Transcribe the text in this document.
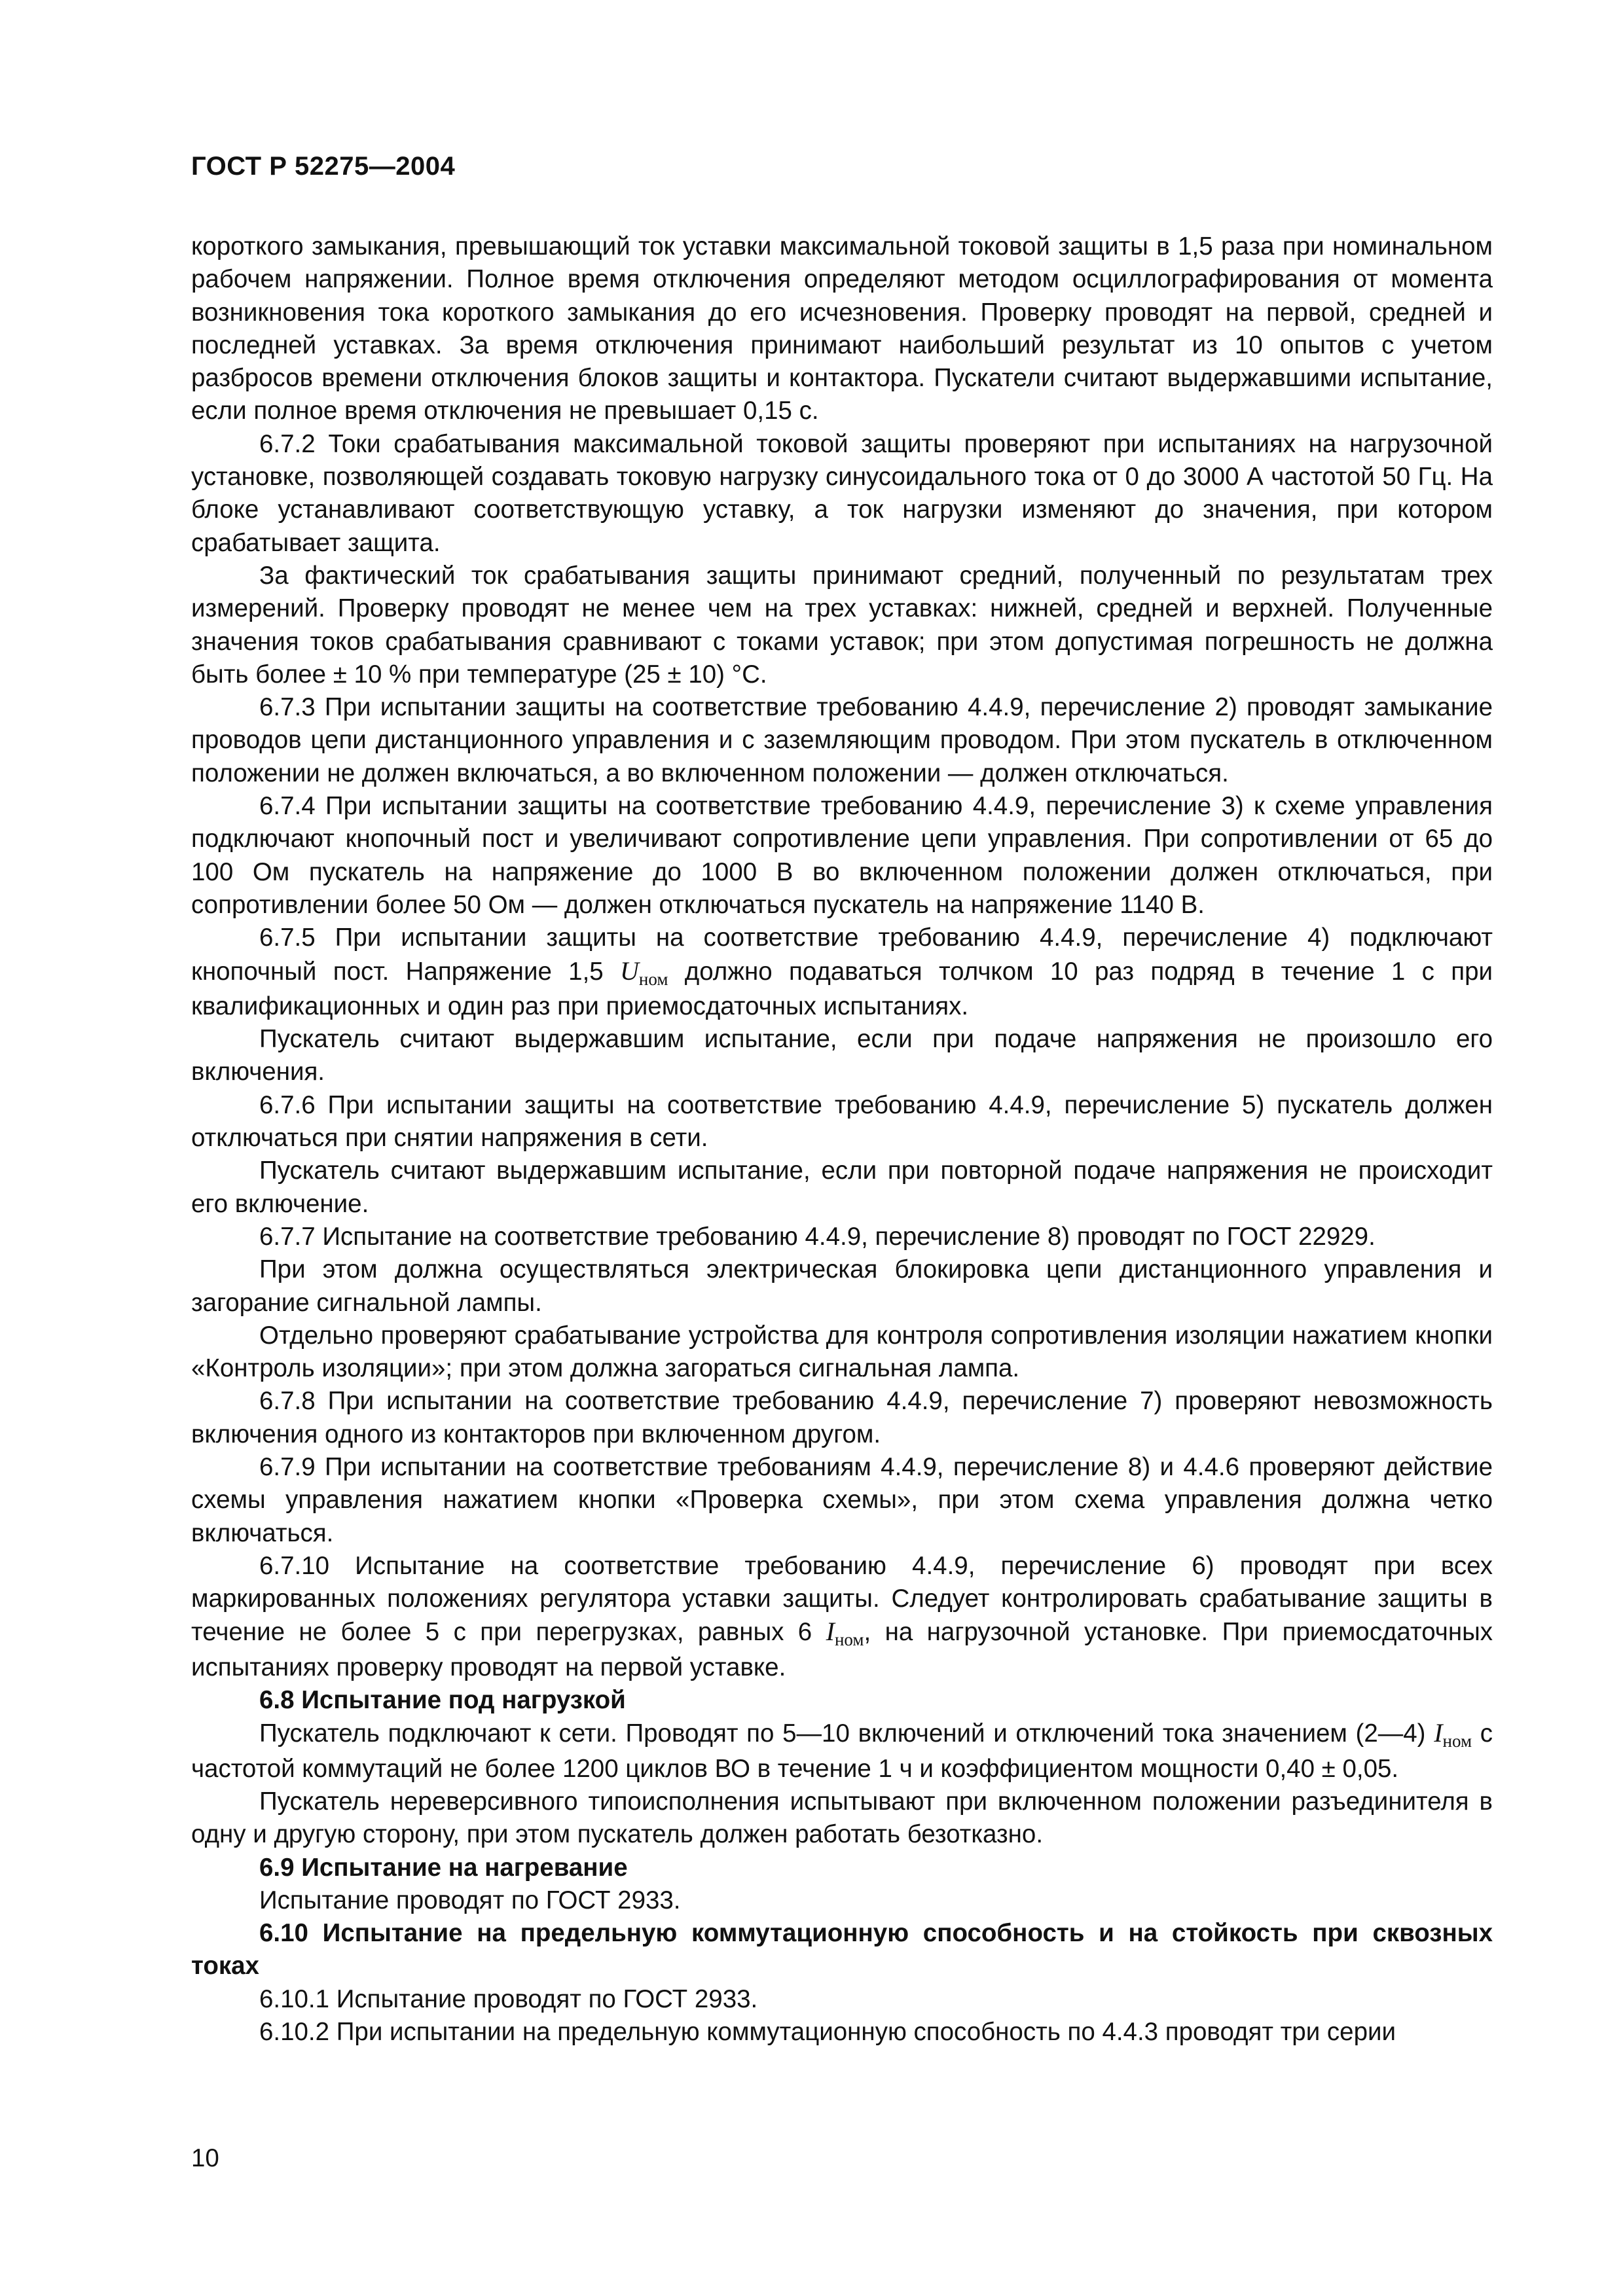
ГОСТ Р 52275—2004

короткого замыкания, превышающий ток уставки максимальной токовой защиты в 1,5 раза при номинальном рабочем напряжении. Полное время отключения определяют методом осциллографирования от момента возникновения тока короткого замыкания до его исчезновения. Проверку проводят на первой, средней и последней уставках. За время отключения принимают наибольший результат из 10 опытов с учетом разбросов времени отключения блоков защиты и контактора. Пускатели считают выдержавшими испытание, если полное время отключения не превышает 0,15 с.

6.7.2 Токи срабатывания максимальной токовой защиты проверяют при испытаниях на нагрузочной установке, позволяющей создавать токовую нагрузку синусоидального тока от 0 до 3000 А частотой 50 Гц. На блоке устанавливают соответствующую уставку, а ток нагрузки изменяют до значения, при котором срабатывает защита.

За фактический ток срабатывания защиты принимают средний, полученный по результатам трех измерений. Проверку проводят не менее чем на трех уставках: нижней, средней и верхней. Полученные значения токов срабатывания сравнивают с токами уставок; при этом допустимая погрешность не должна быть более ± 10 % при температуре (25 ± 10) °С.

6.7.3 При испытании защиты на соответствие требованию 4.4.9, перечисление 2) проводят замыкание проводов цепи дистанционного управления и с заземляющим проводом. При этом пускатель в отключенном положении не должен включаться, а во включенном положении — должен отключаться.

6.7.4 При испытании защиты на соответствие требованию 4.4.9, перечисление 3) к схеме управления подключают кнопочный пост и увеличивают сопротивление цепи управления. При сопротивлении от 65 до 100 Ом пускатель на напряжение до 1000 В во включенном положении должен отключаться, при сопротивлении более 50 Ом — должен отключаться пускатель на напряжение 1140 В.

6.7.5 При испытании защиты на соответствие требованию 4.4.9, перечисление 4) подключают кнопочный пост. Напряжение 1,5 $U_{ном}$ должно подаваться толчком 10 раз подряд в течение 1 с при квалификационных и один раз при приемосдаточных испытаниях.

Пускатель считают выдержавшим испытание, если при подаче напряжения не произошло его включения.

6.7.6 При испытании защиты на соответствие требованию 4.4.9, перечисление 5) пускатель должен отключаться при снятии напряжения в сети.

Пускатель считают выдержавшим испытание, если при повторной подаче напряжения не происходит его включение.

6.7.7 Испытание на соответствие требованию 4.4.9, перечисление 8) проводят по ГОСТ 22929.

При этом должна осуществляться электрическая блокировка цепи дистанционного управления и загорание сигнальной лампы.

Отдельно проверяют срабатывание устройства для контроля сопротивления изоляции нажатием кнопки «Контроль изоляции»; при этом должна загораться сигнальная лампа.

6.7.8 При испытании на соответствие требованию 4.4.9, перечисление 7) проверяют невозможность включения одного из контакторов при включенном другом.

6.7.9 При испытании на соответствие требованиям 4.4.9, перечисление 8) и 4.4.6 проверяют действие схемы управления нажатием кнопки «Проверка схемы», при этом схема управления должна четко включаться.

6.7.10 Испытание на соответствие требованию 4.4.9, перечисление 6) проводят при всех маркированных положениях регулятора уставки защиты. Следует контролировать срабатывание защиты в течение не более 5 с при перегрузках, равных 6 $I_{ном}$, на нагрузочной установке. При приемосдаточных испытаниях проверку проводят на первой уставке.

6.8 Испытание под нагрузкой

Пускатель подключают к сети. Проводят по 5—10 включений и отключений тока значением (2—4) $I_{ном}$ с частотой коммутаций не более 1200 циклов ВО в течение 1 ч и коэффициентом мощности 0,40 ± 0,05.

Пускатель нереверсивного типоисполнения испытывают при включенном положении разъединителя в одну и другую сторону, при этом пускатель должен работать безотказно.

6.9 Испытание на нагревание

Испытание проводят по ГОСТ 2933.

6.10 Испытание на предельную коммутационную способность и на стойкость при сквозных токах

6.10.1 Испытание проводят по ГОСТ 2933.

6.10.2 При испытании на предельную коммутационную способность по 4.4.3 проводят три серии

10
